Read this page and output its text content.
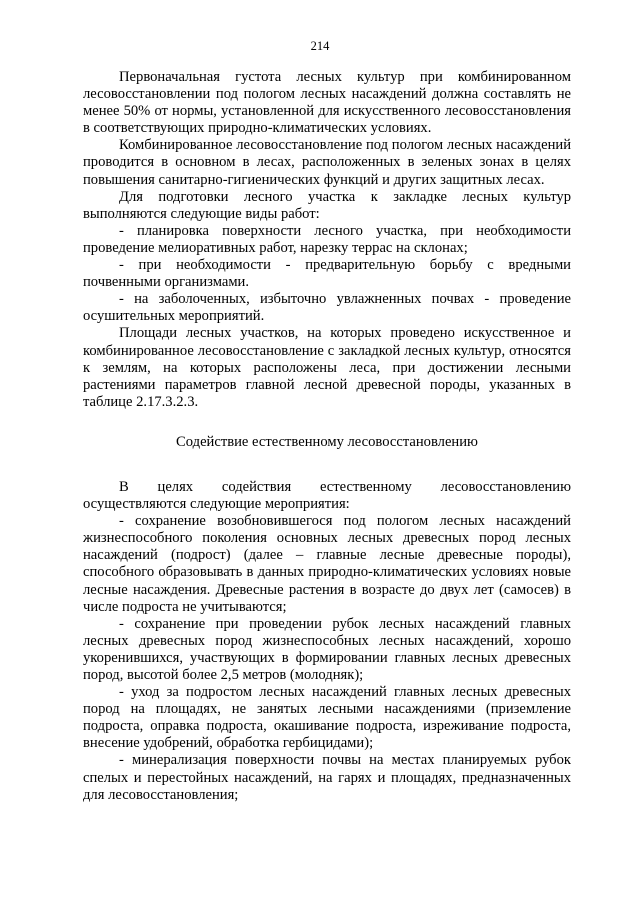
214

Первоначальная густота лесных культур при комбинированном лесовосстановлении под пологом лесных насаждений должна составлять не менее 50% от нормы, установленной для искусственного лесовосстановления в соответствующих природно-климатических условиях.

Комбинированное лесовосстановление под пологом лесных насаждений проводится в основном в лесах, расположенных в зеленых зонах в целях повышения санитарно-гигиенических функций и других защитных лесах.

Для подготовки лесного участка к закладке лесных культур выполняются следующие виды работ:

- планировка поверхности лесного участка, при необходимости проведение мелиоративных работ, нарезку террас на склонах;

- при необходимости - предварительную борьбу с вредными почвенными организмами.

- на заболоченных, избыточно увлажненных почвах - проведение осушительных мероприятий.

Площади лесных участков, на которых проведено искусственное и комбинированное лесовосстановление с закладкой лесных культур, относятся к землям, на которых расположены леса, при достижении лесными растениями параметров главной лесной древесной породы, указанных в таблице 2.17.3.2.3.

Содействие естественному лесовосстановлению

В целях содействия естественному лесовосстановлению осуществляются следующие мероприятия:

- сохранение возобновившегося под пологом лесных насаждений жизнеспособного поколения основных лесных древесных пород лесных насаждений (подрост) (далее – главные лесные древесные породы), способного образовывать в данных природно-климатических условиях новые лесные насаждения. Древесные растения в возрасте до двух лет (самосев) в числе подроста не учитываются;

- сохранение при проведении рубок лесных насаждений главных лесных древесных пород жизнеспособных лесных насаждений, хорошо укоренившихся, участвующих в формировании главных лесных древесных пород, высотой более 2,5 метров (молодняк);

- уход за подростом лесных насаждений главных лесных древесных пород на площадях, не занятых лесными насаждениями (приземление подроста, оправка подроста, окашивание подроста, изреживание подроста, внесение удобрений, обработка гербицидами);

- минерализация поверхности почвы на местах планируемых рубок спелых и перестойных насаждений, на гарях и площадях, предназначенных для лесовосстановления;
